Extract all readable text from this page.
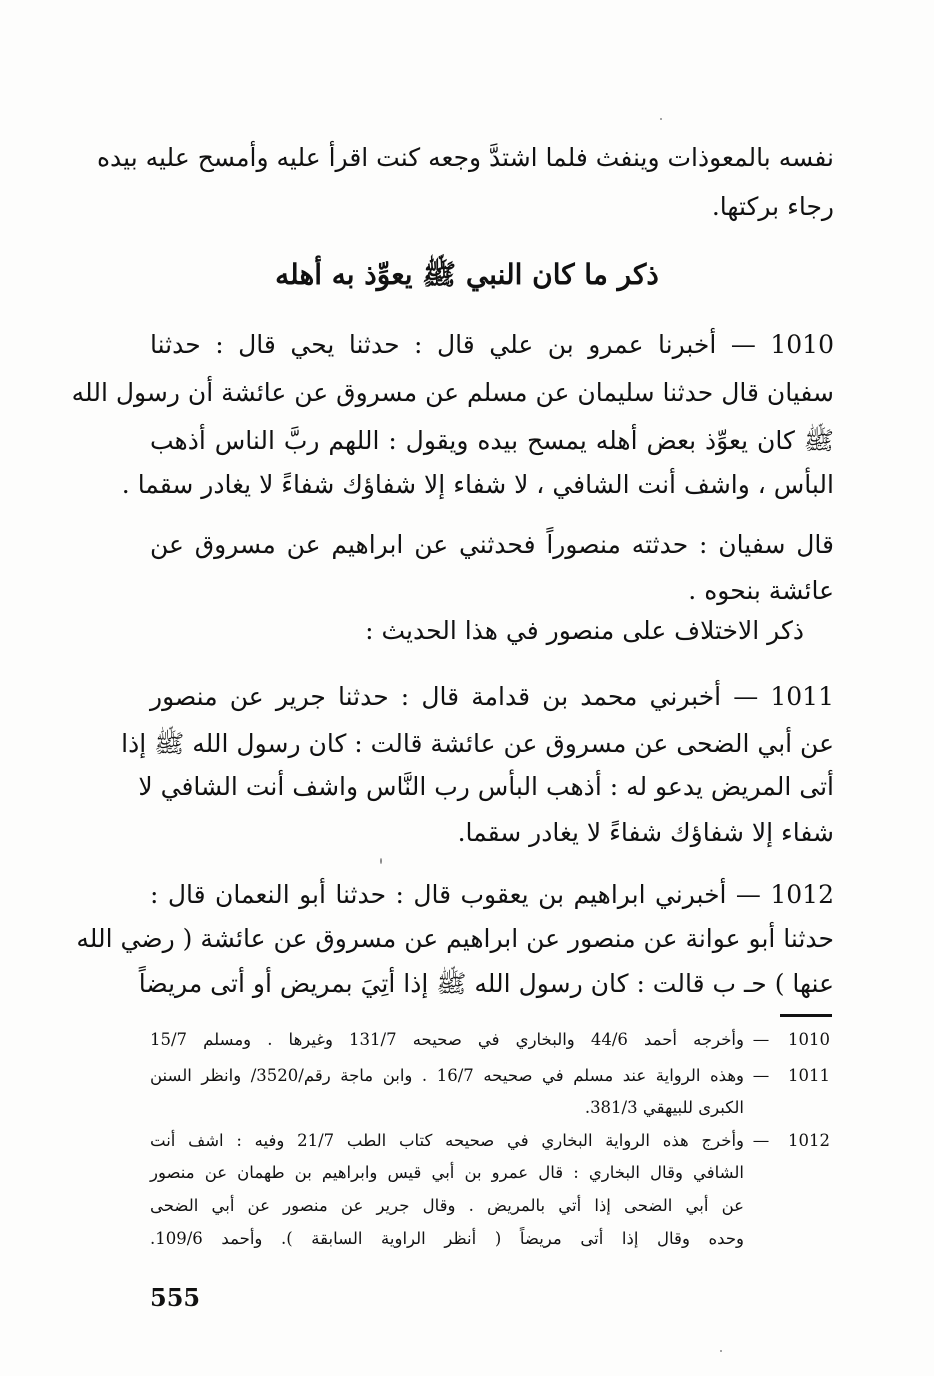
نفسه بالمعوذات وينفث فلما اشتدَّ وجعه كنت اقرأ عليه وأمسح عليه بيده
رجاء بركتها.
ذكر ما كان النبي ﷺ يعوِّذ به أهله
1010 — أخبرنا عمرو بن علي قال : حدثنا يحي قال : حدثنا
سفيان قال حدثنا سليمان عن مسلم عن مسروق عن عائشة أن رسول الله
ﷺ كان يعوِّذ بعض أهله يمسح بيده ويقول : اللهم ربَّ الناس أذهب
البأس ، واشف أنت الشافي ، لا شفاء إلا شفاؤك شفاءً لا يغادر سقما .
قال سفيان : حدثته منصوراً فحدثني عن ابراهيم عن مسروق عن
عائشة بنحوه .
ذكر الاختلاف على منصور في هذا الحديث :
1011 — أخبرني محمد بن قدامة قال : حدثنا جرير عن منصور
عن أبي الضحى عن مسروق عن عائشة قالت : كان رسول الله ﷺ إذا
أتى المريض يدعو له : أذهب البأس رب النَّاس واشف أنت الشافي لا
شفاء إلا شفاؤك شفاءً لا يغادر سقما.
1012 — أخبرني ابراهيم بن يعقوب قال : حدثنا أبو النعمان قال :
حدثنا أبو عوانة عن منصور عن ابراهيم عن مسروق عن عائشة ( رضي الله
عنها ) حـ ب قالت : كان رسول الله ﷺ إذا أتِيَ بمريض أو أتى مريضاً
1010
—
وأخرجه أحمد 44/6 والبخاري في صحيحه 131/7 وغيرها . ومسلم 15/7
1011
—
وهذه الرواية عند مسلم في صحيحه 16/7 . وابن ماجة رقم/3520/ وانظر السنن
الكبرى للبيهقي 381/3.
1012
—
وأخرج هذه الرواية البخاري في صحيحه كتاب الطب 21/7 وفيه : اشف أنت
الشافي وقال البخاري : قال عمرو بن أبي قيس وابراهيم بن طهمان عن منصور
عن أبي الضحى إذا أتي بالمريض . وقال جرير عن منصور عن أبي الضحى
وحده وقال إذا أتى مريضاً ( أنظر الراوية السابقة ). وأحمد 109/6.
555
